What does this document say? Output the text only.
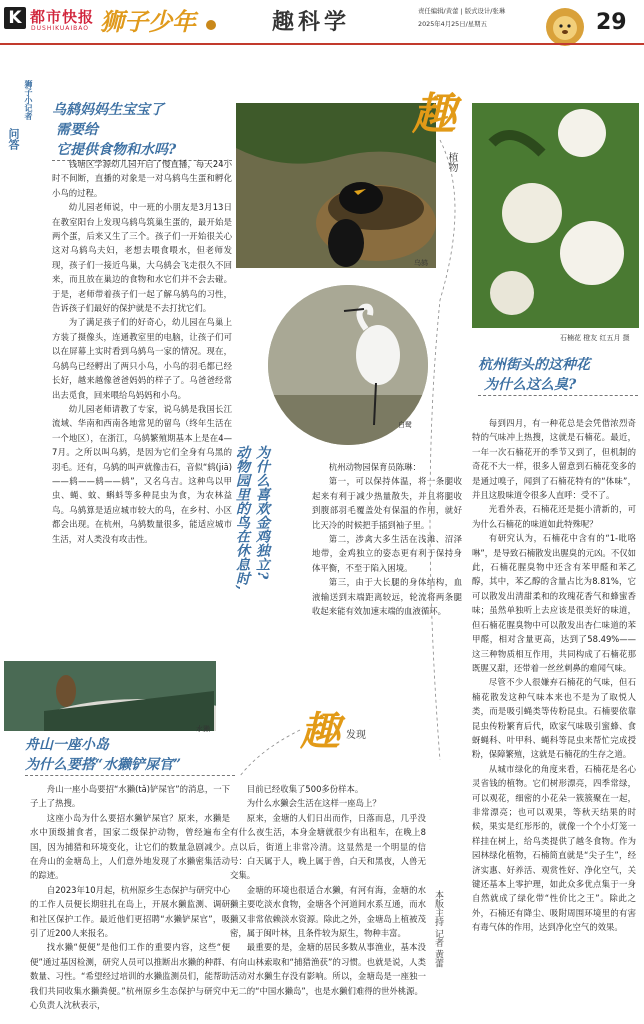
K 都市快报
DUSHIKUAIBAO 狮子少年	趣科学	责任编辑/黄蕾 | 版式设计/张琳
2025年4月25日/星期五	29
狮子小记者
问答
乌鸫妈妈生宝宝了
需要给
它提供食物和水吗?
乌鸫

钱塘区学源幼儿园开启了慢直播，每天24小时不间断，直播的对象是一对乌鸫鸟生蛋和孵化小鸟的过程。

幼儿园老师说，中一班的小朋友是3月13日在教室阳台上发现乌鸫鸟筑巢生蛋的，最开始是两个蛋，后来又生了三个。孩子们一开始很关心这对乌鸫鸟夫妇，老想去喂食喂水，但老师发现，孩子们一接近鸟巢，大乌鸫会飞走很久不回来，而且放在巢边的食物和水它们并不会去碰。于是，老师带着孩子们一起了解乌鸫鸟的习性，告诉孩子们最好的保护就是不去打扰它们。

为了满足孩子们的好奇心，幼儿园在鸟巢上方装了摄像头，连通教室里的电脑，让孩子们可以在屏幕上实时看到乌鸫鸟一家的情况。现在，乌鸫鸟已经孵出了两只小鸟，小鸟的羽毛都已经长好，越来越像爸爸妈妈的样子了。乌爸爸经常出去觅食，回来喂给鸟妈妈和小鸟。

幼儿园老师请教了专家，说乌鸫是我国长江流域、华南和西南各地常见的留鸟（终年生活在一个地区），在浙江，乌鸫繁殖期基本上是在4—7月。之所以叫乌鸫，是因为它们全身有乌黑的羽毛。还有，乌鸫的叫声就像击石，音似“鸫(jiā)——鸫——鸫——鸫”，又名乌吉。这种鸟以甲虫、蝇、蚊、蝌蚪等多种昆虫为食，为农林益鸟。乌鸫算是适应城市较大的鸟，在乡村、小区都会出现。在杭州，乌鸫数量很多，能适应城市生活，对人类没有攻击性。

白鹭
为什么喜欢金鸡独立?
动物园里的鸟在休息时,	杭州动物园保育员陈琳：

第一，可以保持体温，将一条腿收起来有利于减少热量散失，并且将腿收到腹部羽毛覆盖处有保温的作用，就好比天冷的时候把手插到袖子里。

第二，涉禽大多生活在浅滩、沼泽地带，金鸡独立的姿态更有利于保持身体平衡，不至于陷入困境。

第三，由于大长腿的身体结构，血液输送到末端距离较远，轮流将两条腿收起来能有效加速末端的血液循环。

趣
植物
石楠花 橙友 红五月 摄
杭州街头的这种花
为什么这么臭?

每到四月，有一种花总是会凭借浓烈奇特的气味冲上热搜，这就是石楠花。最近，一年一次石楠花开的季节又到了，但机制的奇花不大一样，很多人留意到石楠花变多的是通过嗅子，闻到了石楠花特有的“体味”，并且这股味道令很多人直呼：受不了。

光看外表，石楠花还是挺小清新的，可为什么石楠花的味道如此特殊呢？

有研究认为，石楠花中含有的“1-吡咯啉”，是导致石楠散发出腥臭的元凶。不仅如此，石楠花腥臭物中还含有苯甲醛和苯乙醇，其中，苯乙醇的含量占比为8.81%，它可以散发出清甜柔和的玫瑰花香气和蜂蜜香味；虽然单独听上去应该是很美好的味道，但石楠花腥臭物中可以散发出杏仁味道的苯甲醛，相对含量更高，达到了58.49%——这三种物质相互作用，共同构成了石楠花那既腥又甜，还带着一丝丝刺鼻的难闻气味。

尽管不少人很嫌弃石楠花的气味，但石楠花散发这种气味本来也不是为了取悦人类，而是吸引蝇类等传粉昆虫。石楠要依靠昆虫传粉繁育后代，欧家气味吸引蜜蜂、食蚜蝇科、叶甲科、蝇科等昆虫来帮忙完成授粉，保障繁殖，这就是石楠花的生存之道。

从城市绿化的角度来看，石楠花是名心灵省钱的植物。它们树形漂亮，四季常绿，可以观花，细密的小花朵一簇簇聚在一起，非常漂亮；也可以观果，等秋天结果的时候，果实是红彤彤的，就像一个个小灯笼一样挂在树上，给鸟类提供了越冬食物。作为园林绿化植物，石楠简直就是“尖子生”，经济实惠、好养活、观赏性好、净化空气，关键还基本上零护理，如此众多优点集于一身自然就成了绿化带“性价比之王”。除此之外，石楠还有降尘、吸附周围环境里的有害有毒气体的作用，达到净化空气的效果。

本版主持 记者 黄蕾
水獭 趣 发现
舟山一座小岛
为什么要搭“水獭铲屎官”

舟山一座小岛要招“水獭(tǎ)铲屎官”的消息，一下子上了热搜。

这座小岛为什么要招水獭铲屎官？原来，水獭是水中顶级捕食者，国家二级保护动物，曾经遍布全国，因为捕猎和环境变化，让它们的数量急剧减少。在舟山的金塘岛上，人们意外地发现了水獭密集活动的踪迹。

自2023年10月起，杭州原乡生态保护与研究中心的工作人员便长期驻扎在岛上，开展水獭监测、调研和社区保护工作。最近他们更招聘“水獭铲屎官”，吸引了近200人来报名。

找水獭“便便”是他们工作的重要内容，这些“便便”通过基因检测，研究人员可以推断出水獭的种群、数量、习性。“希望经过培训的水獭监测员们，能帮助我们共同收集水獭粪便。”杭州原乡生态保护与研究中心负责人沈秋表示，

目前已经收集了500多份样本。

为什么水獭会生活在这样一座岛上？

原来，金塘的人们日出而作，日落而息，几乎没有什么夜生活，本身金塘就很少有出租车，在晚上8点以后，街道上非常冷清。这显然是一个明显的信号：白天属于人，晚上属于兽，白天和黑夜，人兽无交集。

金塘的环境也很适合水獭，有河有海，金塘的水獭主要吃淡水食物，金塘各个河道间水系互通，而水獭又非常依赖淡水资源。除此之外，金塘岛上植被茂密，属于闽叶林，且条件较为原生，物种丰富。

最重要的是，金塘的居民多数从事渔业，基本没有向山林索取和“捕猎渔获”的习惯。也就是说，人类活动对水獭生存没有影响。所以，金塘岛是一座独一无二的“中国水獭岛”，也是水獭们难得的世外桃源。
